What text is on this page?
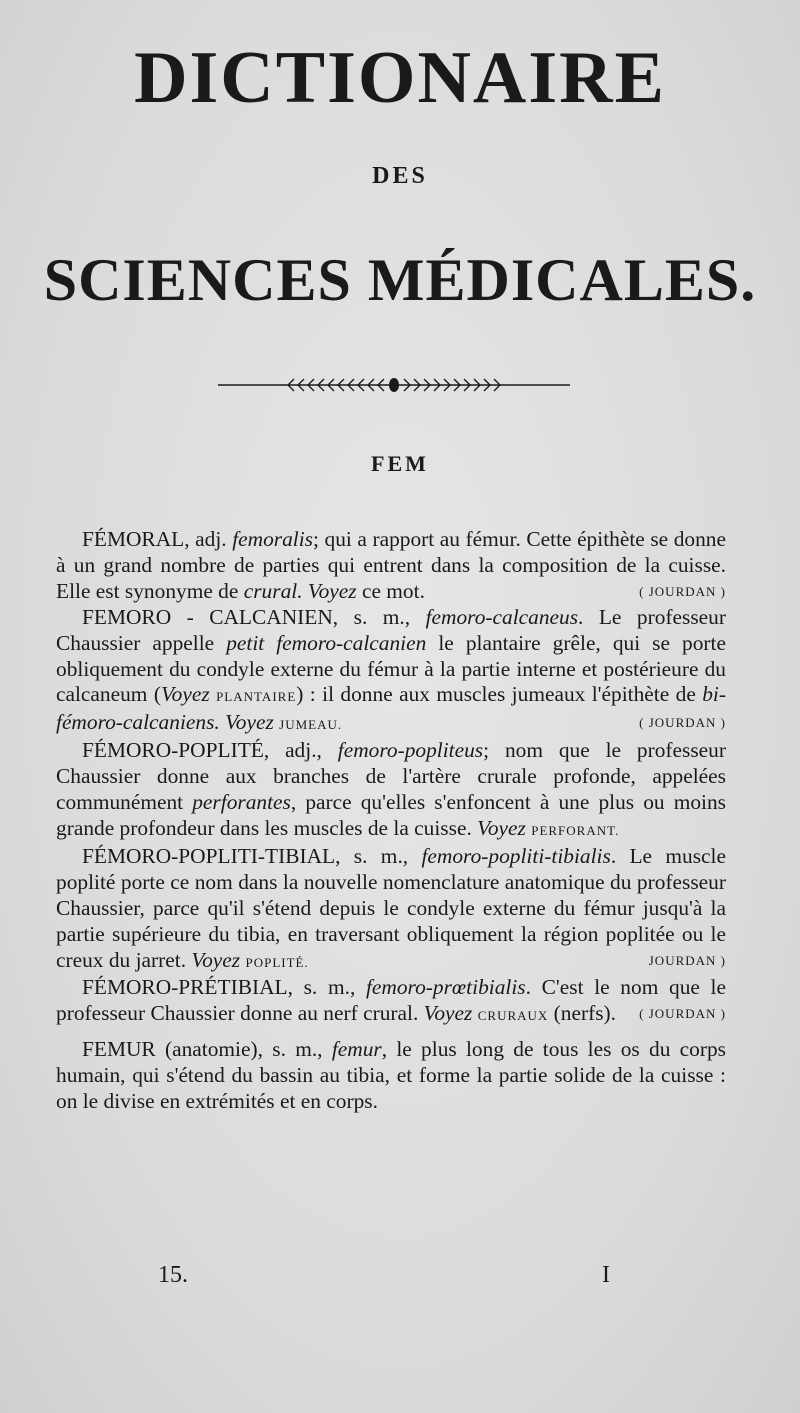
DICTIONAIRE
DES
SCIENCES MÉDICALES.
FEM

FÉMORAL, adj. femoralis; qui a rapport au fémur. Cette épithète se donne à un grand nombre de parties qui entrent dans la composition de la cuisse. Elle est synonyme de crural. Voyez ce mot.	( JOURDAN )

FEMORO - CALCANIEN, s. m., femoro-calcaneus. Le professeur Chaussier appelle petit femoro-calcanien le plantaire grêle, qui se porte obliquement du condyle externe du fémur à la partie interne et postérieure du calcaneum (Voyez PLANTAIRE) : il donne aux muscles jumeaux l'épithète de bi-fémoro-calcaniens. Voyez JUMEAU.	( JOURDAN )

FÉMORO-POPLITÉ, adj., femoro-popliteus; nom que le professeur Chaussier donne aux branches de l'artère crurale profonde, appelées communément perforantes, parce qu'elles s'enfoncent à une plus ou moins grande profondeur dans les muscles de la cuisse. Voyez PERFORANT.

FÉMORO-POPLITI-TIBIAL, s. m., femoro-popliti-tibialis. Le muscle poplité porte ce nom dans la nouvelle nomenclature anatomique du professeur Chaussier, parce qu'il s'étend depuis le condyle externe du fémur jusqu'à la partie supérieure du tibia, en traversant obliquement la région poplitée ou le creux du jarret. Voyez POPLITÉ.	JOURDAN )

FÉMORO-PRÉTIBIAL, s. m., femoro-prœtibialis. C'est le nom que le professeur Chaussier donne au nerf crural. Voyez CRURAUX (nerfs). ( JOURDAN )

FEMUR (anatomie), s. m., femur, le plus long de tous les os du corps humain, qui s'étend du bassin au tibia, et forme la partie solide de la cuisse : on le divise en extrémités et en corps.

15.	I
